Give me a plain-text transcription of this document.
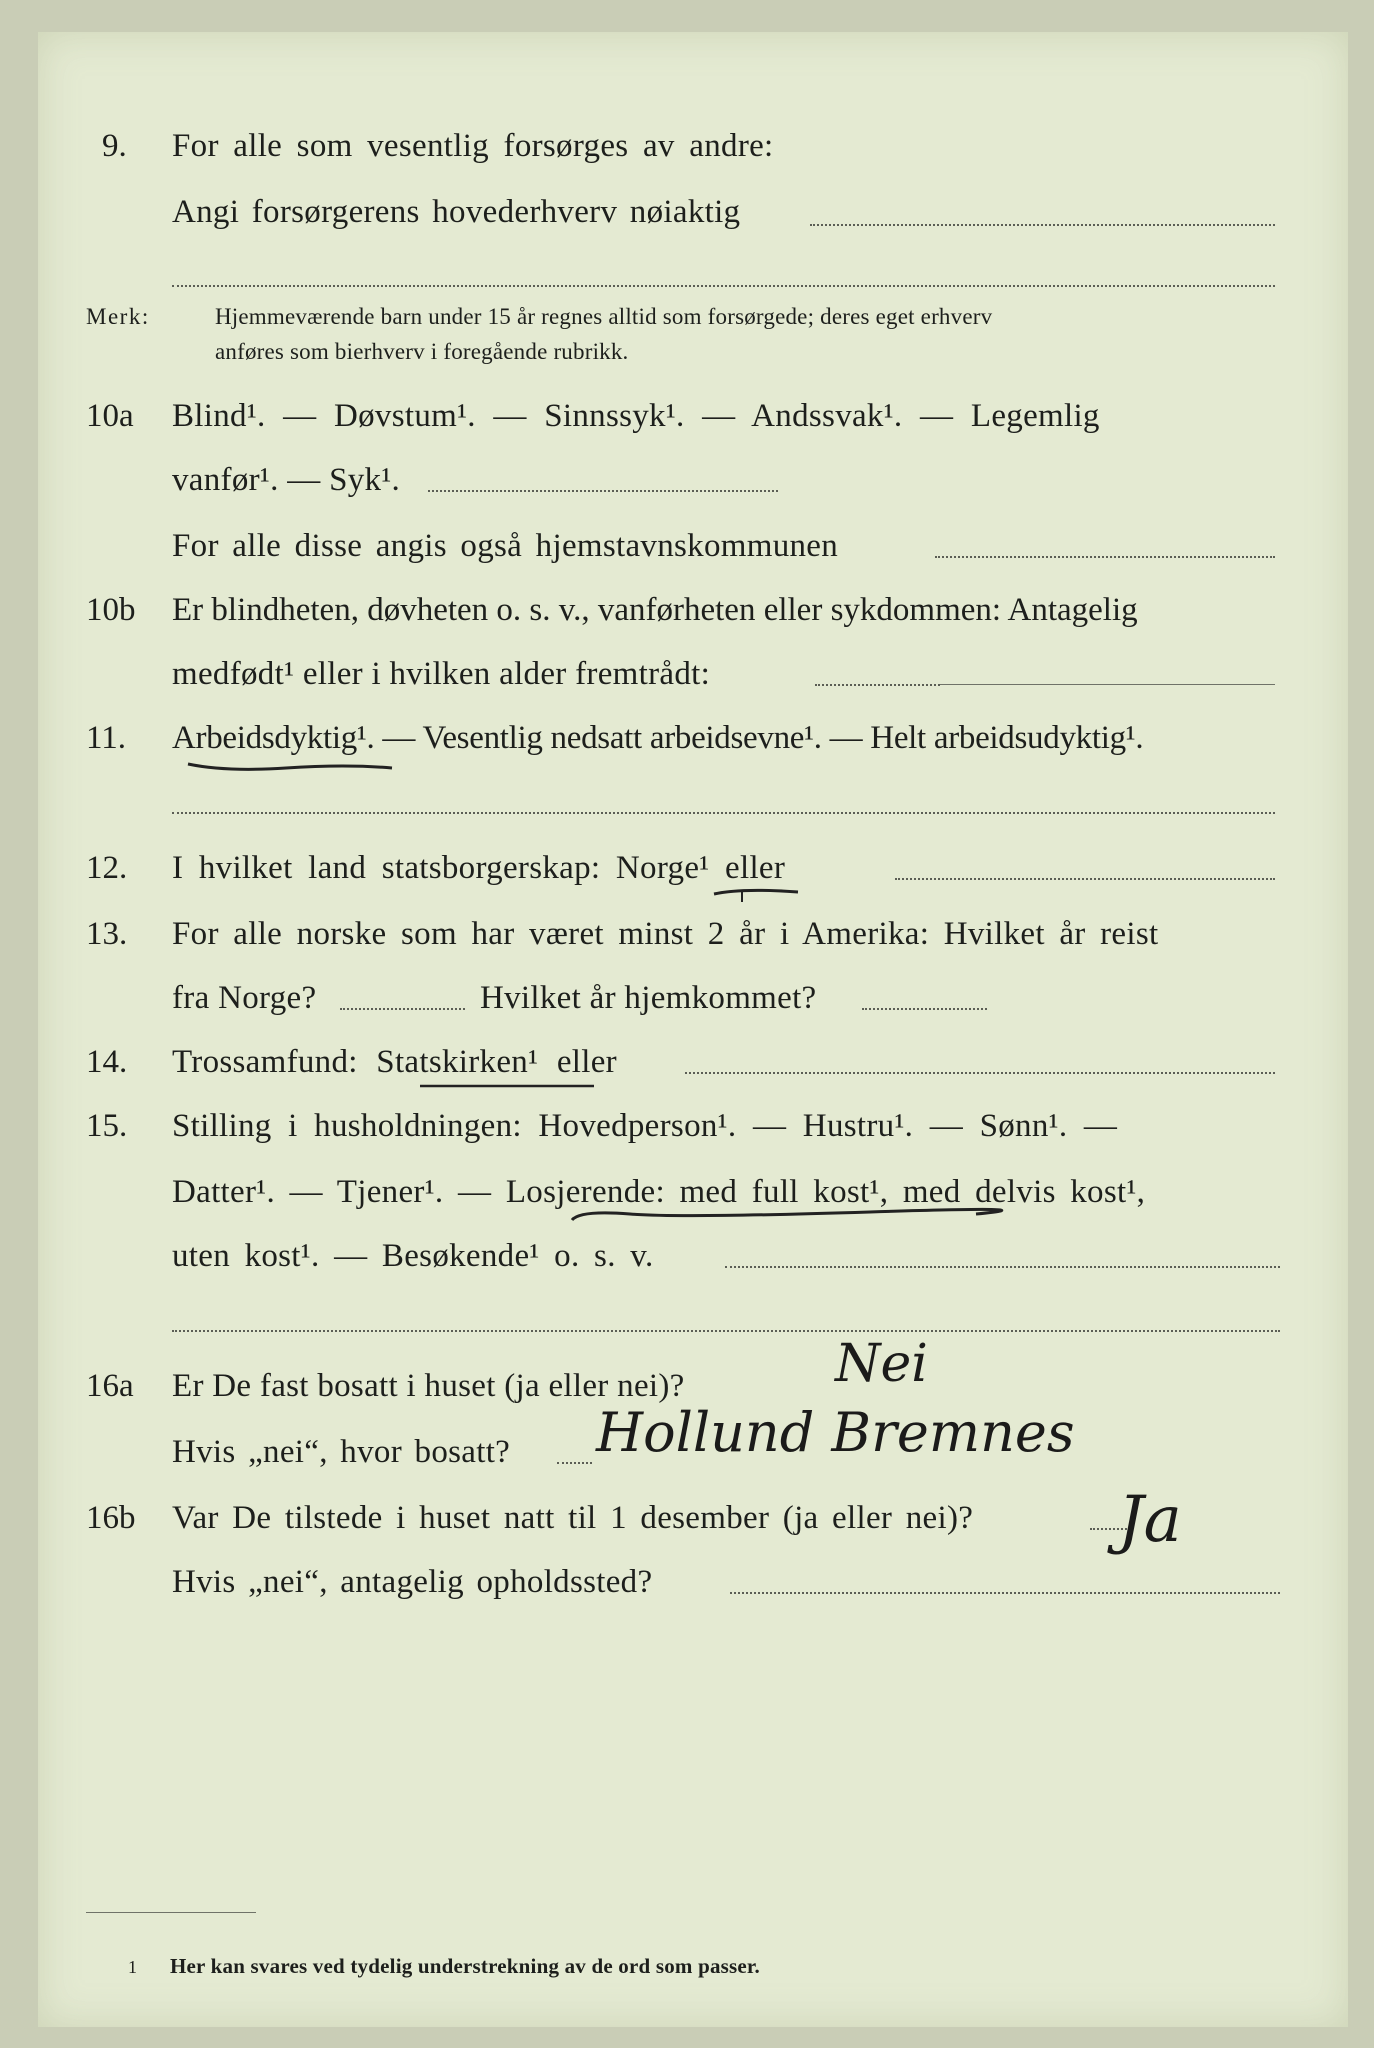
9. For alle som vesentlig forsørges av andre:
Angi forsørgerens hovederhverv nøiaktig
Merk:	Hjemmeværende barn under 15 år regnes alltid som forsørgede; deres eget erhverv
anføres som bierhverv i foregående rubrikk.
10a Blind¹. — Døvstum¹. — Sinnssyk¹. — Andssvak¹. — Legemlig
vanfør¹. — Syk¹.
For alle disse angis også hjemstavnskommunen
10b Er blindheten, døvheten o. s. v., vanførheten eller sykdommen: Antagelig
medfødt¹ eller i hvilken alder fremtrådt:
11. Arbeidsdyktig¹. — Vesentlig nedsatt arbeidsevne¹. — Helt arbeidsudyktig¹.
12. I hvilket land statsborgerskap: Norge¹ eller
13. For alle norske som har været minst 2 år i Amerika: Hvilket år reist
fra Norge?	Hvilket år hjemkommet?
14. Trossamfund: Statskirken¹ eller
15. Stilling i husholdningen: Hovedperson¹. — Hustru¹. — Sønn¹. —
Datter¹. — Tjener¹. — Losjerende: med full kost¹, med delvis kost¹,
uten kost¹. — Besøkende¹ o. s. v.
16a Er De fast bosatt i huset (ja eller nei)?	Nei
Hvis „nei“, hvor bosatt? Hollund Bremnes
16b Var De tilstede i huset natt til 1 desember (ja eller nei)? Ja
Hvis „nei“, antagelig opholdssted?
1 Her kan svares ved tydelig understrekning av de ord som passer.
